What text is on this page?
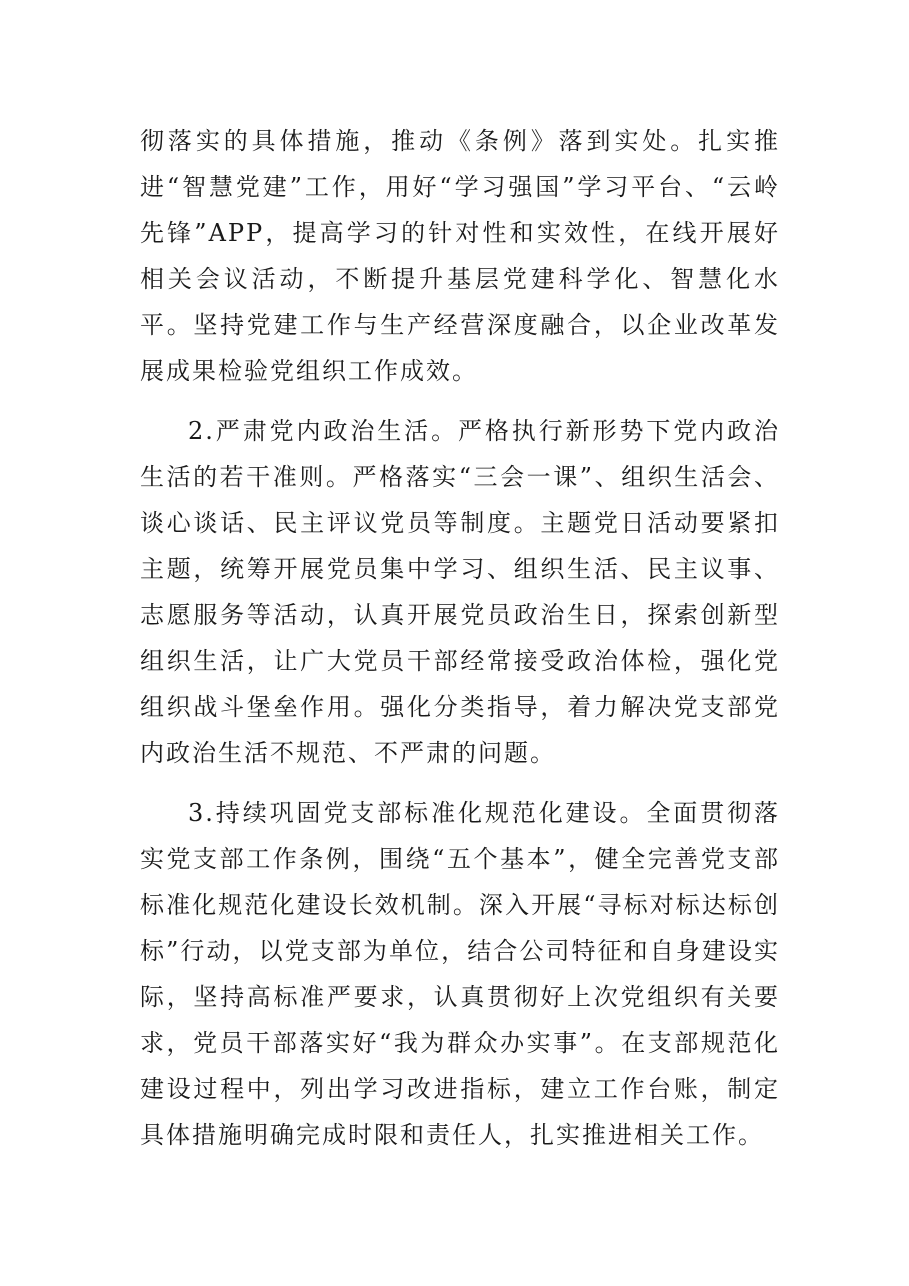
彻落实的具体措施，推动《条例》落到实处。扎实推进“智慧党建”工作，用好“学习强国”学习平台、“云岭先锋”APP，提高学习的针对性和实效性，在线开展好相关会议活动，不断提升基层党建科学化、智慧化水平。坚持党建工作与生产经营深度融合，以企业改革发展成果检验党组织工作成效。

2.严肃党内政治生活。严格执行新形势下党内政治生活的若干准则。严格落实“三会一课”、组织生活会、谈心谈话、民主评议党员等制度。主题党日活动要紧扣主题，统筹开展党员集中学习、组织生活、民主议事、志愿服务等活动，认真开展党员政治生日，探索创新型组织生活，让广大党员干部经常接受政治体检，强化党组织战斗堡垒作用。强化分类指导，着力解决党支部党内政治生活不规范、不严肃的问题。

3.持续巩固党支部标准化规范化建设。全面贯彻落实党支部工作条例，围绕“五个基本”，健全完善党支部标准化规范化建设长效机制。深入开展“寻标对标达标创标”行动，以党支部为单位，结合公司特征和自身建设实际，坚持高标准严要求，认真贯彻好上次党组织有关要求，党员干部落实好“我为群众办实事”。在支部规范化建设过程中，列出学习改进指标，建立工作台账，制定具体措施明确完成时限和责任人，扎实推进相关工作。
